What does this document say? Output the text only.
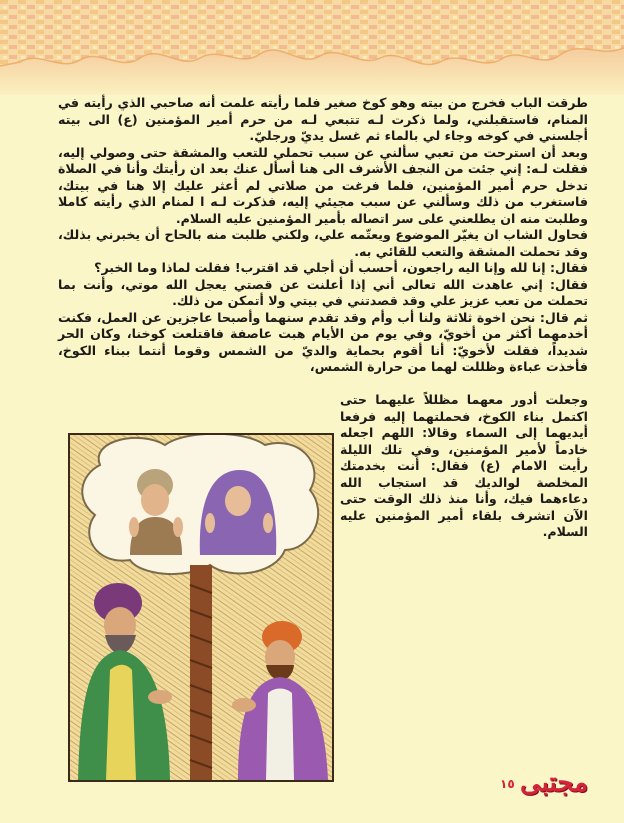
طرقت الباب فخرج من بيته وهو كوخ صغير فلما رأيته علمت أنه صاحبي الذي رأيته في المنام، فاستقبلني، ولما ذكرت لـه تتبعي لـه من حرم أمير المؤمنين (ع) الى بيته أجلسني في كوخه وجاء لي بالماء ثم غسل يديّ ورجليّ.

وبعد أن استرحت من تعبي سألني عن سبب تحملي للتعب والمشقة حتى وصولي إليه، فقلت لـه: إني جئت من النجف الأشرف الى هنا أسأل عنك بعد ان رأيتك وأنا في الصلاة تدخل حرم أمير المؤمنين، فلما فرغت من صلاتي لم أعثر عليك إلا هنا في بيتك، فاستغرب من ذلك وسألني عن سبب مجيئي إليه، فذكرت لـه ا لمنام الذي رأيته كاملا وطلبت منه ان يطلعني على سر اتصاله بأمير المؤمنين عليه السلام.

فحاول الشاب ان يغيّر الموضوع ويعتّمه علي، ولكني طلبت منه بالحاح أن يخبرني بذلك، وقد تحملت المشقة والتعب للقائي به.

فقال: إنا لله وإنا اليه راجعون، أحسب أن أجلي قد اقترب! فقلت لماذا وما الخبر؟

فقال: إني عاهدت الله تعالى أني إذا أعلنت عن قصتي يعجل الله موتي، وأنت بما تحملت من تعب عزيز علي وقد قصدتني في بيتي ولا أتمكن من ذلك.

ثم قال: نحن اخوة ثلاثة ولنا أب وأم وقد تقدم سنهما وأصبحا عاجزين عن العمل، فكنت أخدمهما أكثر من أخويّ، وفي يوم من الأيام هبت عاصفة فاقتلعت كوخنا، وكان الحر شديداً، فقلت لأخويّ: أنا أقوم بحماية والديّ من الشمس وقوما أنتما ببناء الكوخ، فأخذت عباءة وظللت لهما من حرارة الشمس،

وجعلت أدور معهما مظللاً عليهما حتى اكتمل بناء الكوخ، فحملتهما إليه فرفعا أيديهما إلى السماء وقالا: اللهم اجعله خادماً لأمير المؤمنين، وفي تلك الليلة رأيت الامام (ع) فقال: أنت بخدمتك المخلصة لوالديك قد استجاب الله دعاءهما فيك، وأنا منذ ذلك الوقت حتى الآن اتشرف بلقاء أمير المؤمنين عليه السلام.

١٥ مجتبى
